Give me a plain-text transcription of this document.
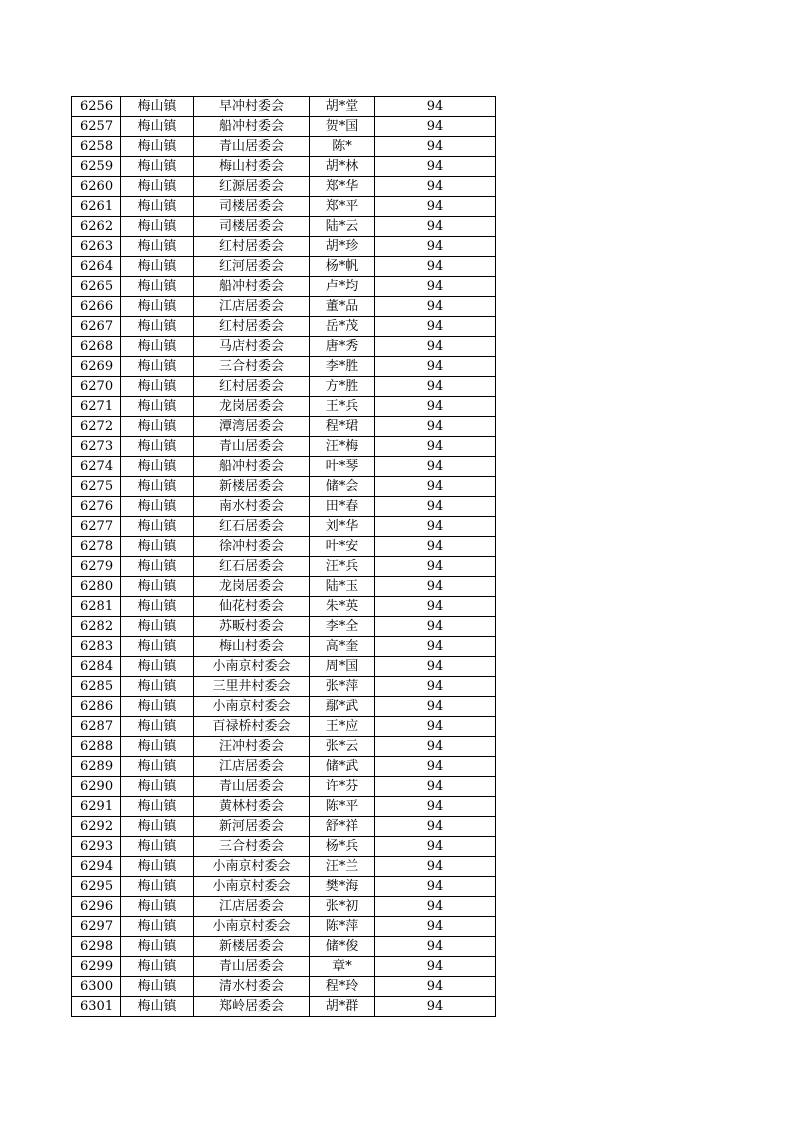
6256	梅山镇	早冲村委会	胡*堂	94
6257	梅山镇	船冲村委会	贺*国	94
6258	梅山镇	青山居委会	陈*	94
6259	梅山镇	梅山村委会	胡*林	94
6260	梅山镇	红源居委会	郑*华	94
6261	梅山镇	司楼居委会	郑*平	94
6262	梅山镇	司楼居委会	陆*云	94
6263	梅山镇	红村居委会	胡*珍	94
6264	梅山镇	红河居委会	杨*帆	94
6265	梅山镇	船冲村委会	卢*均	94
6266	梅山镇	江店居委会	董*品	94
6267	梅山镇	红村居委会	岳*茂	94
6268	梅山镇	马店村委会	唐*秀	94
6269	梅山镇	三合村委会	李*胜	94
6270	梅山镇	红村居委会	方*胜	94
6271	梅山镇	龙岗居委会	王*兵	94
6272	梅山镇	潭湾居委会	程*珺	94
6273	梅山镇	青山居委会	汪*梅	94
6274	梅山镇	船冲村委会	叶*琴	94
6275	梅山镇	新楼居委会	储*会	94
6276	梅山镇	南水村委会	田*春	94
6277	梅山镇	红石居委会	刘*华	94
6278	梅山镇	徐冲村委会	叶*安	94
6279	梅山镇	红石居委会	汪*兵	94
6280	梅山镇	龙岗居委会	陆*玉	94
6281	梅山镇	仙花村委会	朱*英	94
6282	梅山镇	苏畈村委会	李*全	94
6283	梅山镇	梅山村委会	高*奎	94
6284	梅山镇	小南京村委会	周*国	94
6285	梅山镇	三里井村委会	张*萍	94
6286	梅山镇	小南京村委会	鄢*武	94
6287	梅山镇	百禄桥村委会	王*应	94
6288	梅山镇	汪冲村委会	张*云	94
6289	梅山镇	江店居委会	储*武	94
6290	梅山镇	青山居委会	许*芬	94
6291	梅山镇	黄林村委会	陈*平	94
6292	梅山镇	新河居委会	舒*祥	94
6293	梅山镇	三合村委会	杨*兵	94
6294	梅山镇	小南京村委会	汪*兰	94
6295	梅山镇	小南京村委会	樊*海	94
6296	梅山镇	江店居委会	张*初	94
6297	梅山镇	小南京村委会	陈*萍	94
6298	梅山镇	新楼居委会	储*俊	94
6299	梅山镇	青山居委会	章*	94
6300	梅山镇	清水村委会	程*玲	94
6301	梅山镇	郑岭居委会	胡*群	94
